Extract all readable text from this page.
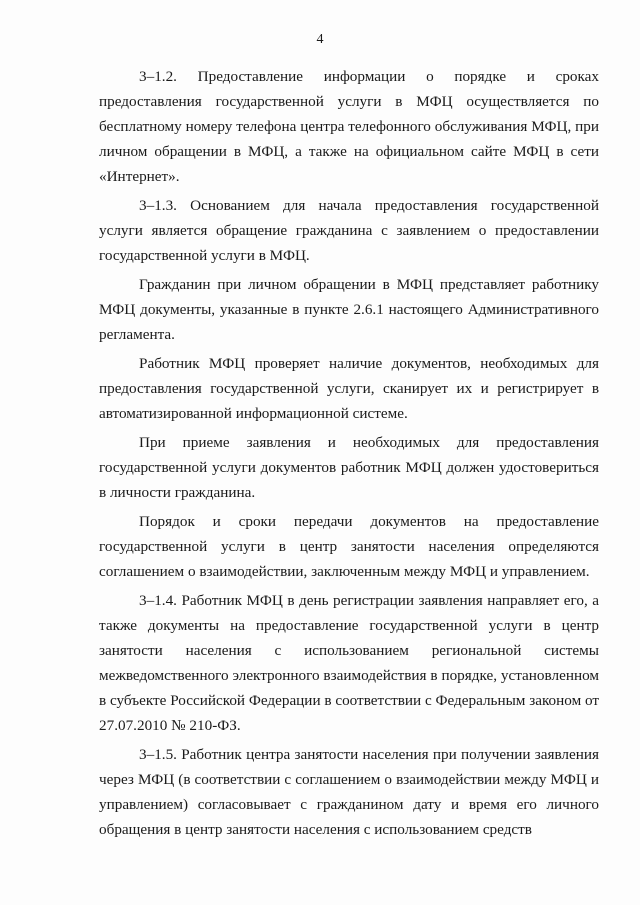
4

3–1.2. Предоставление информации о порядке и сроках предоставления государственной услуги в МФЦ осуществляется по бесплатному номеру телефона центра телефонного обслуживания МФЦ, при личном обращении в МФЦ, а также на официальном сайте МФЦ в сети «Интернет».

3–1.3. Основанием для начала предоставления государственной услуги является обращение гражданина с заявлением о предоставлении государственной услуги в МФЦ.

Гражданин при личном обращении в МФЦ представляет работнику МФЦ документы, указанные в пункте 2.6.1 настоящего Административного регламента.

Работник МФЦ проверяет наличие документов, необходимых для предоставления государственной услуги, сканирует их и регистрирует в автоматизированной информационной системе.

При приеме заявления и необходимых для предоставления государственной услуги документов работник МФЦ должен удостовериться в личности гражданина.

Порядок и сроки передачи документов на предоставление государственной услуги в центр занятости населения определяются соглашением о взаимодействии, заключенным между МФЦ и управлением.

3–1.4. Работник МФЦ в день регистрации заявления направляет его, а также документы на предоставление государственной услуги в центр занятости населения с использованием региональной системы межведомственного электронного взаимодействия в порядке, установленном в субъекте Российской Федерации в соответствии с Федеральным законом от 27.07.2010 № 210-ФЗ.

3–1.5. Работник центра занятости населения при получении заявления через МФЦ (в соответствии с соглашением о взаимодействии между МФЦ и управлением) согласовывает с гражданином дату и время его личного обращения в центр занятости населения с использованием средств
